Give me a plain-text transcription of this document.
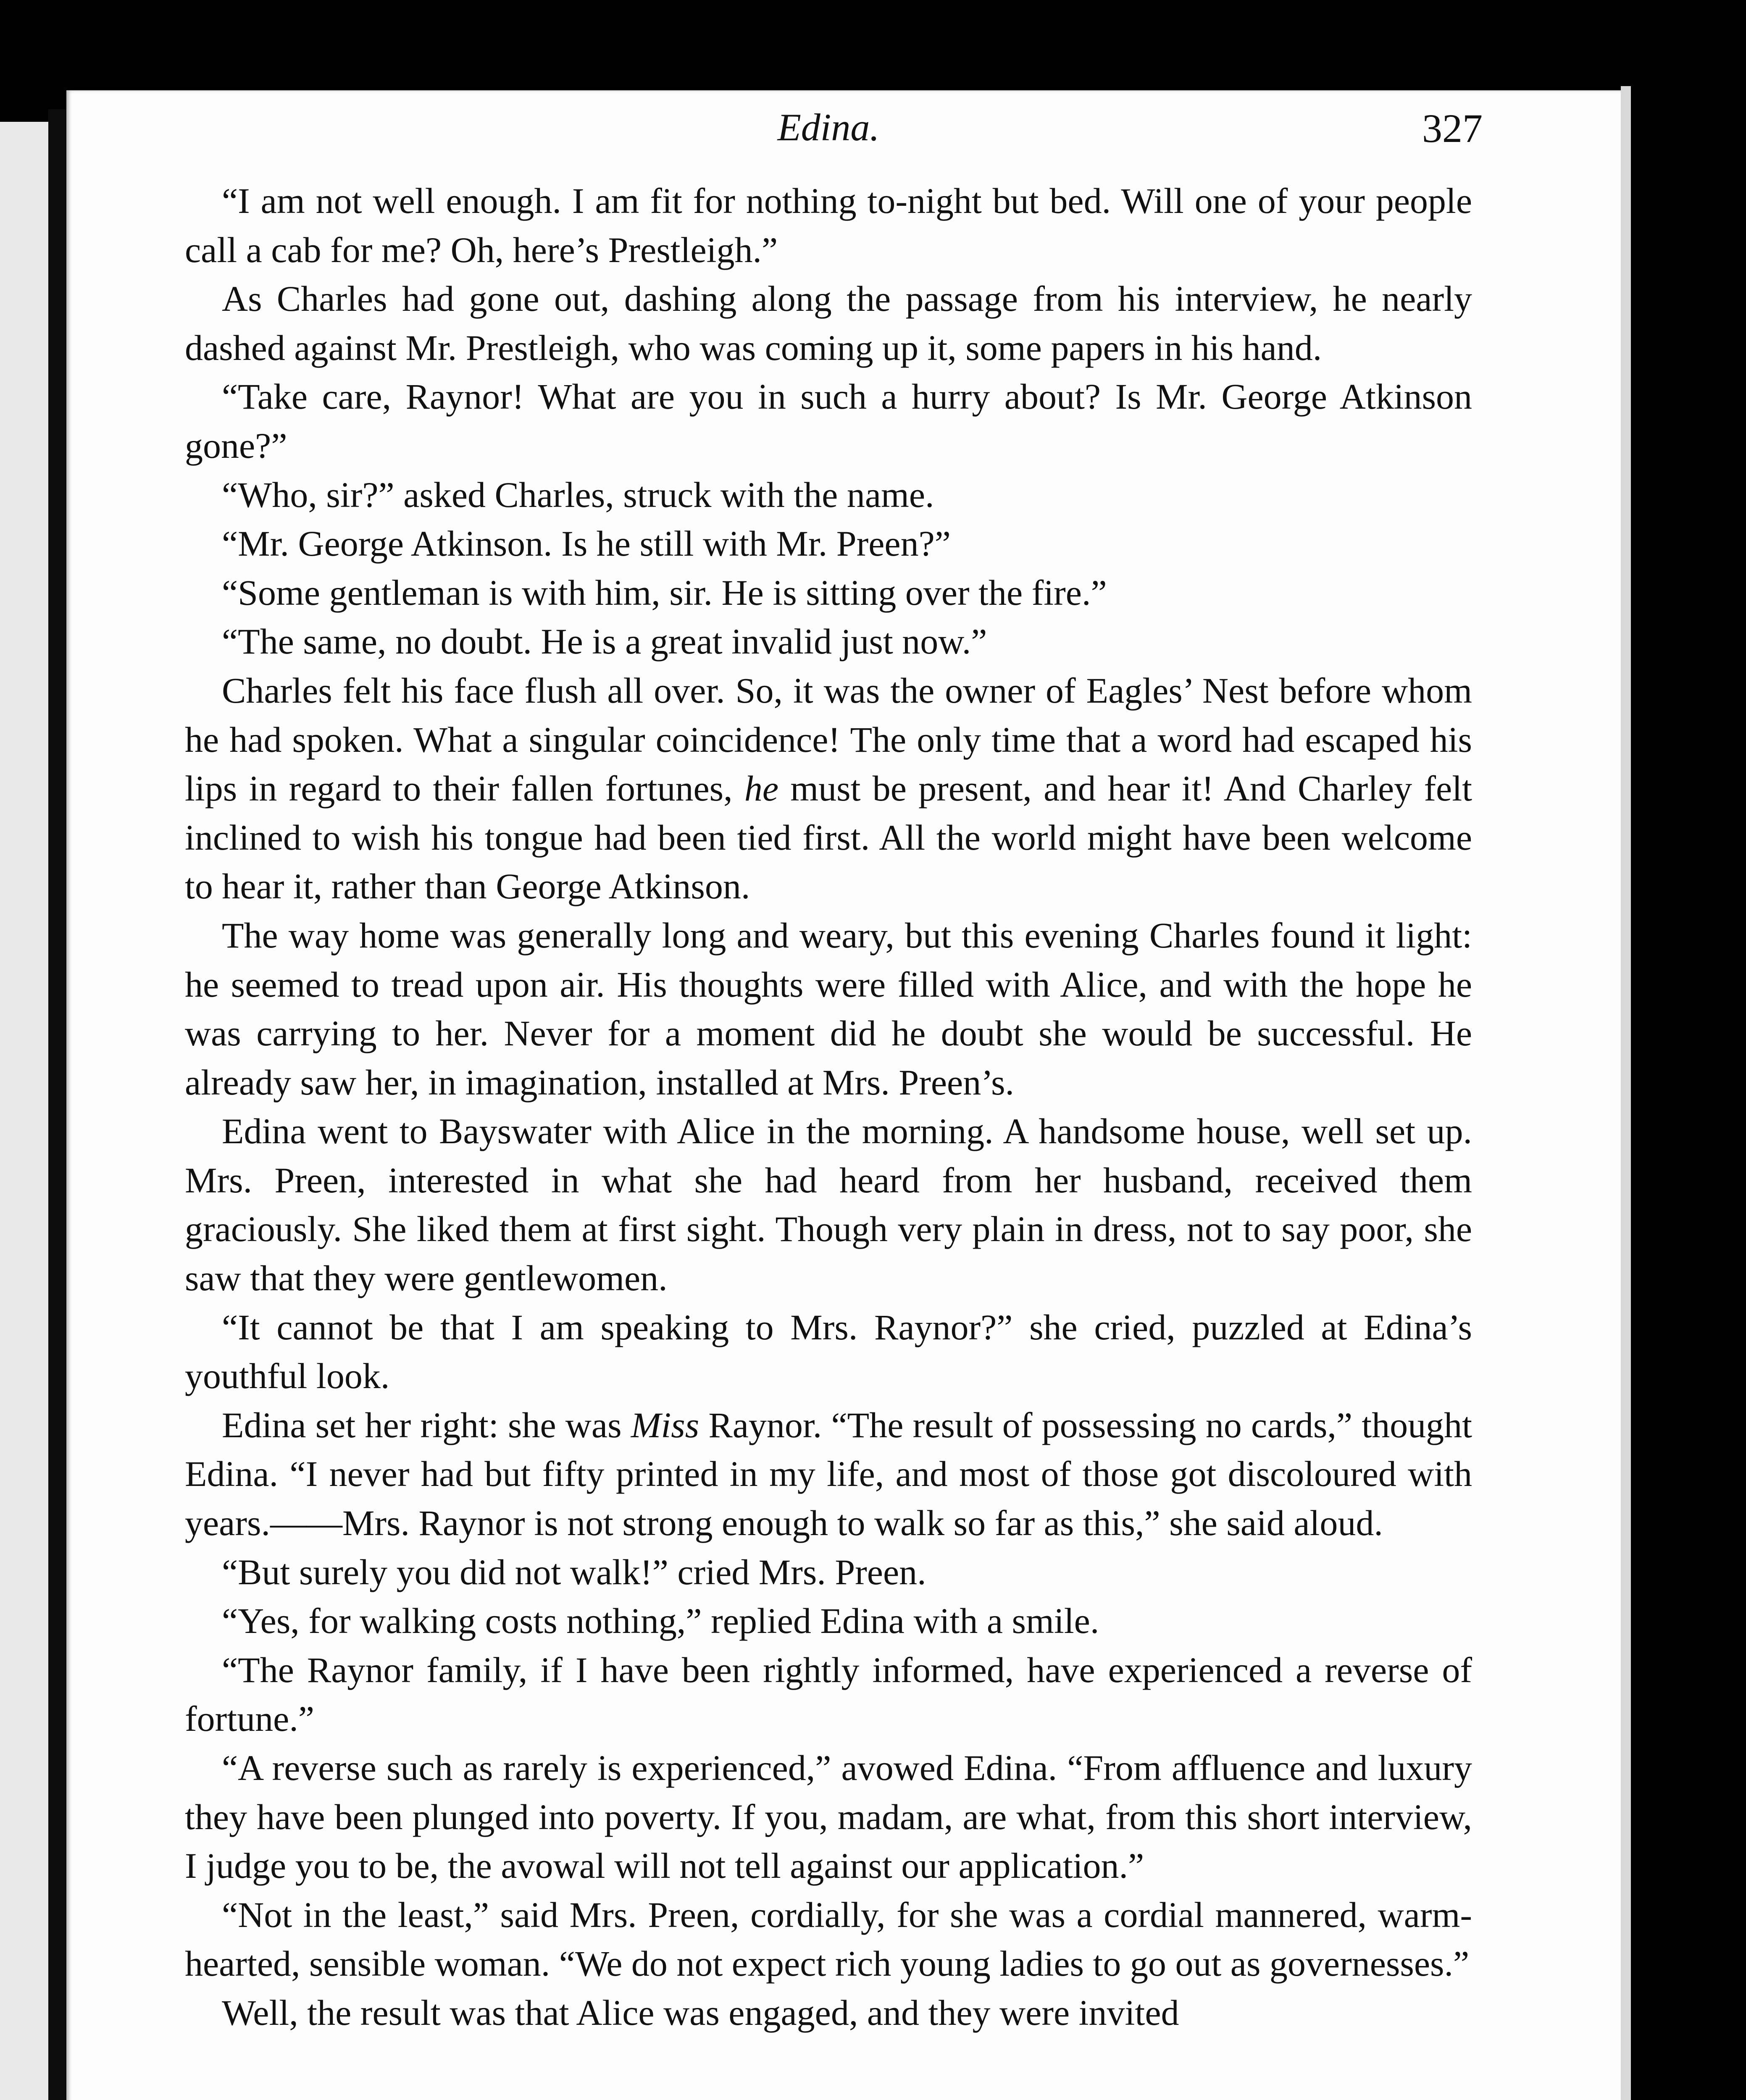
Edina.	327

“I am not well enough. I am fit for nothing to-night but bed. Will one of your people call a cab for me? Oh, here’s Prestleigh.”

As Charles had gone out, dashing along the passage from his interview, he nearly dashed against Mr. Prestleigh, who was coming up it, some papers in his hand.

“Take care, Raynor! What are you in such a hurry about? Is Mr. George Atkinson gone?”

“Who, sir?” asked Charles, struck with the name.

“Mr. George Atkinson. Is he still with Mr. Preen?”

“Some gentleman is with him, sir. He is sitting over the fire.”

“The same, no doubt. He is a great invalid just now.”

Charles felt his face flush all over. So, it was the owner of Eagles’ Nest before whom he had spoken. What a singular coincidence! The only time that a word had escaped his lips in regard to their fallen fortunes, he must be present, and hear it! And Charley felt inclined to wish his tongue had been tied first. All the world might have been welcome to hear it, rather than George Atkinson.

The way home was generally long and weary, but this evening Charles found it light: he seemed to tread upon air. His thoughts were filled with Alice, and with the hope he was carrying to her. Never for a moment did he doubt she would be successful. He already saw her, in imagination, installed at Mrs. Preen’s.

Edina went to Bayswater with Alice in the morning. A handsome house, well set up. Mrs. Preen, interested in what she had heard from her husband, received them graciously. She liked them at first sight. Though very plain in dress, not to say poor, she saw that they were gentlewomen.

“It cannot be that I am speaking to Mrs. Raynor?” she cried, puzzled at Edina’s youthful look.

Edina set her right: she was Miss Raynor. “The result of possessing no cards,” thought Edina. “I never had but fifty printed in my life, and most of those got discoloured with years.——Mrs. Raynor is not strong enough to walk so far as this,” she said aloud.

“But surely you did not walk!” cried Mrs. Preen.

“Yes, for walking costs nothing,” replied Edina with a smile.

“The Raynor family, if I have been rightly informed, have experienced a reverse of fortune.”

“A reverse such as rarely is experienced,” avowed Edina. “From affluence and luxury they have been plunged into poverty. If you, madam, are what, from this short interview, I judge you to be, the avowal will not tell against our application.”

“Not in the least,” said Mrs. Preen, cordially, for she was a cordial mannered, warm-hearted, sensible woman. “We do not expect rich young ladies to go out as governesses.”

Well, the result was that Alice was engaged, and they were invited
